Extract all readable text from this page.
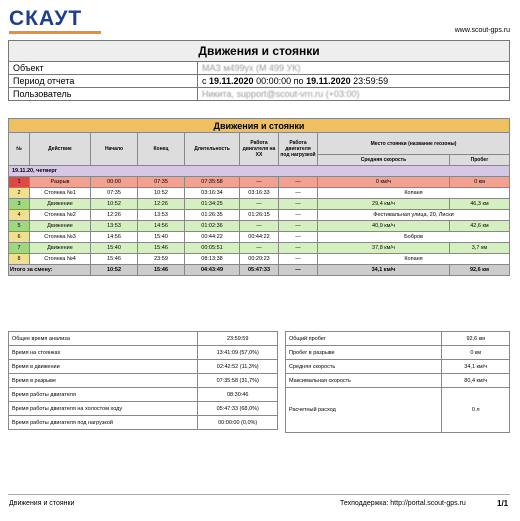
СКАУТ
www.scout-gps.ru
Движения и стоянки	
Объект	МАЗ м499ух (М 499 УК)
Период отчета	с 19.11.2020 00:00:00 по 19.11.2020 23:59:59
Пользователь	Никита, support@scout-vrn.ru (+03:00)
Движения и стоянки								
№	Действие	Начало	Конец	Длительность	Работа двигателя на ХХ	Работа двигателя под нагрузкой	Место стоянки (название геозоны)	
							Средняя скорость	Пробег
19.11.20, четверг								
1	Разрыв	00:00	07:35	07:35:58	—	—	0 км/ч	0 км
2	Стоянка №1	07:35	10:52	03:16:34	03:16:33	—	Копаня	
3	Движение	10:52	12:26	01:34:25	—	—	29,4 км/ч	46,3 км
4	Стоянка №2	12:26	13:53	01:26:35	01:26:15	—	Фестивальная улица, 20, Лиски	
5	Движение	13:53	14:56	01:02:36	—	—	40,9 км/ч	42,6 км
6	Стоянка №3	14:56	15:40	00:44:22	00:44:22	—	Бобров	
7	Движение	15:40	15:46	00:05:51	—	—	37,8 км/ч	3,7 км
8	Стоянка №4	15:46	23:59	08:13:38	00:20:23	—	Копаня	
Итого за смену:		10:52	15:46	04:43:49	05:47:33	—	34,1 км/ч	92,6 км
Общее время анализа	23:59:59
Время на стоянках	13:41:09 (57,0%)
Время в движении	02:42:52 (11,3%)
Время в разрыве	07:35:58 (31,7%)
Время работы двигателя	08:30:46
Время работы двигателя на холостом ходу	05:47:33 (68,0%)
Время работы двигателя под нагрузкой	00:00:00 (0,0%)
Общий пробег	92,6 км
Пробег в разрыве	0 км
Средняя скорость	34,1 км/ч
Максимальная скорость	80,4 км/ч
Расчетный расход	0 л
Движения и стоянки	Техподдержка: http://portal.scout-gps.ru	1/1
